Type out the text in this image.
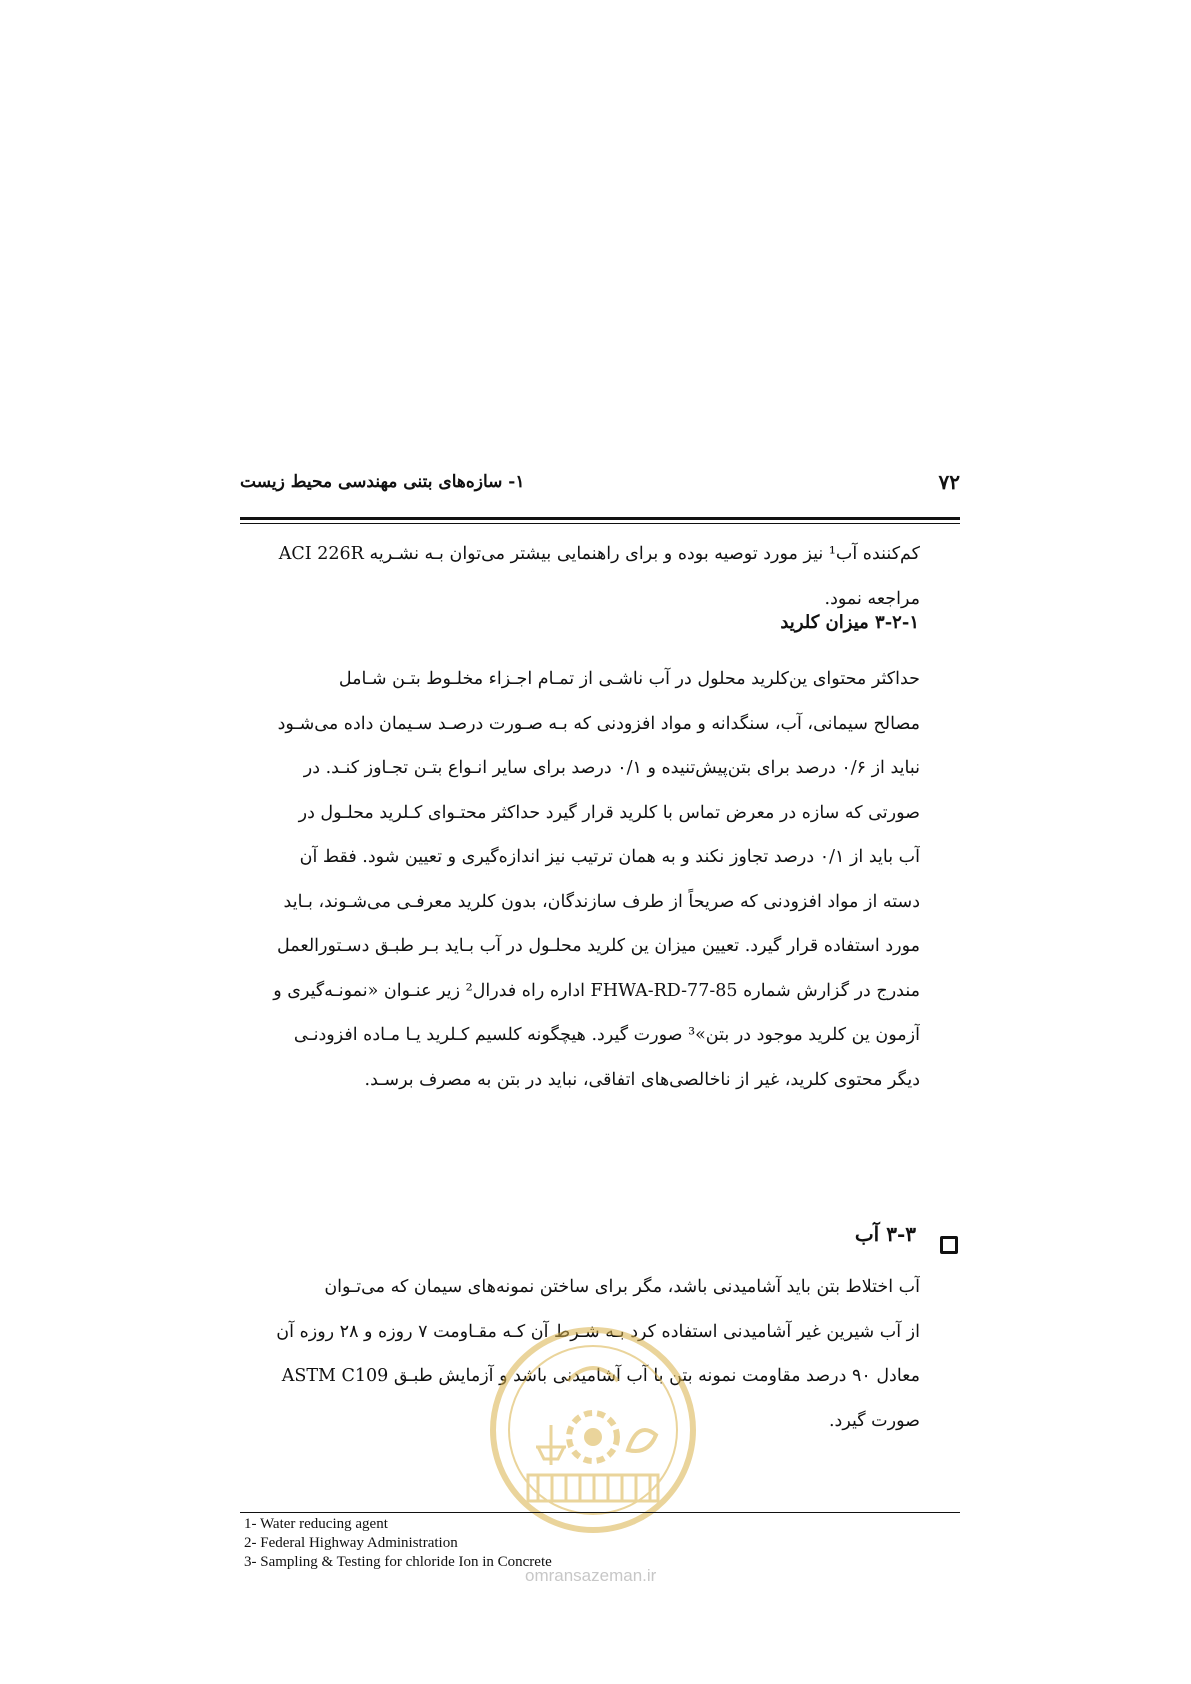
۷۲
۱- سازه‌های بتنی مهندسی محیط زیست
کم‌کننده آب¹ نیز مورد توصیه بوده و برای راهنمایی بیشتر می‌توان بـه نشـریه ACI 226R
مراجعه نمود.
۳-۲-۱ میزان کلرید
حداکثر محتوای ین‌کلرید محلول در آب ناشـی از تمـام اجـزاء مخلـوط بتـن شـامل
مصالح سیمانی، آب، سنگدانه و مواد افزودنی که بـه صـورت درصـد سـیمان داده می‌شـود
نباید از ۰/۶ درصد برای بتن‌پیش‌تنیده و ۰/۱ درصد برای سایر انـواع بتـن تجـاوز کنـد. در
صورتی که سازه در معرض تماس با کلرید قرار گیرد حداکثر محتـوای کـلرید محلـول در
آب باید از ۰/۱ درصد تجاوز نکند و به همان ترتیب نیز اندازه‌گیری و تعیین شود. فقط آن
دسته از مواد افزودنی که صریحاً از طرف سازندگان، بدون کلرید معرفـی می‌شـوند، بـاید
مورد استفاده قرار گیرد. تعیین میزان ین کلرید محلـول در آب بـاید بـر طبـق دسـتورالعمل
مندرج در گزارش شماره FHWA-RD-77-85 اداره راه فدرال² زیر عنـوان «نمونـه‌گیری و
آزمون ین کلرید موجود در بتن»³ صورت گیرد. هیچگونه کلسیم کـلرید یـا مـاده افزودنـی
دیگر محتوی کلرید، غیر از ناخالصی‌های اتفاقی، نباید در بتن به مصرف برسـد.
۳-۳ آب
آب اختلاط بتن باید آشامیدنی باشد، مگر برای ساختن نمونه‌های سیمان که می‌تـوان
از آب شیرین غیر آشامیدنی استفاده کرد بـه شـرط آن کـه مقـاومت ۷ روزه و ۲۸ روزه آن
معادل ۹۰ درصد مقاومت نمونه بتن با آب آشامیدنی باشد و آزمایش طبـق ASTM C109
صورت گیرد.
1- Water reducing agent
2- Federal Highway Administration
3- Sampling & Testing for chloride Ion in Concrete
omransazeman.ir
